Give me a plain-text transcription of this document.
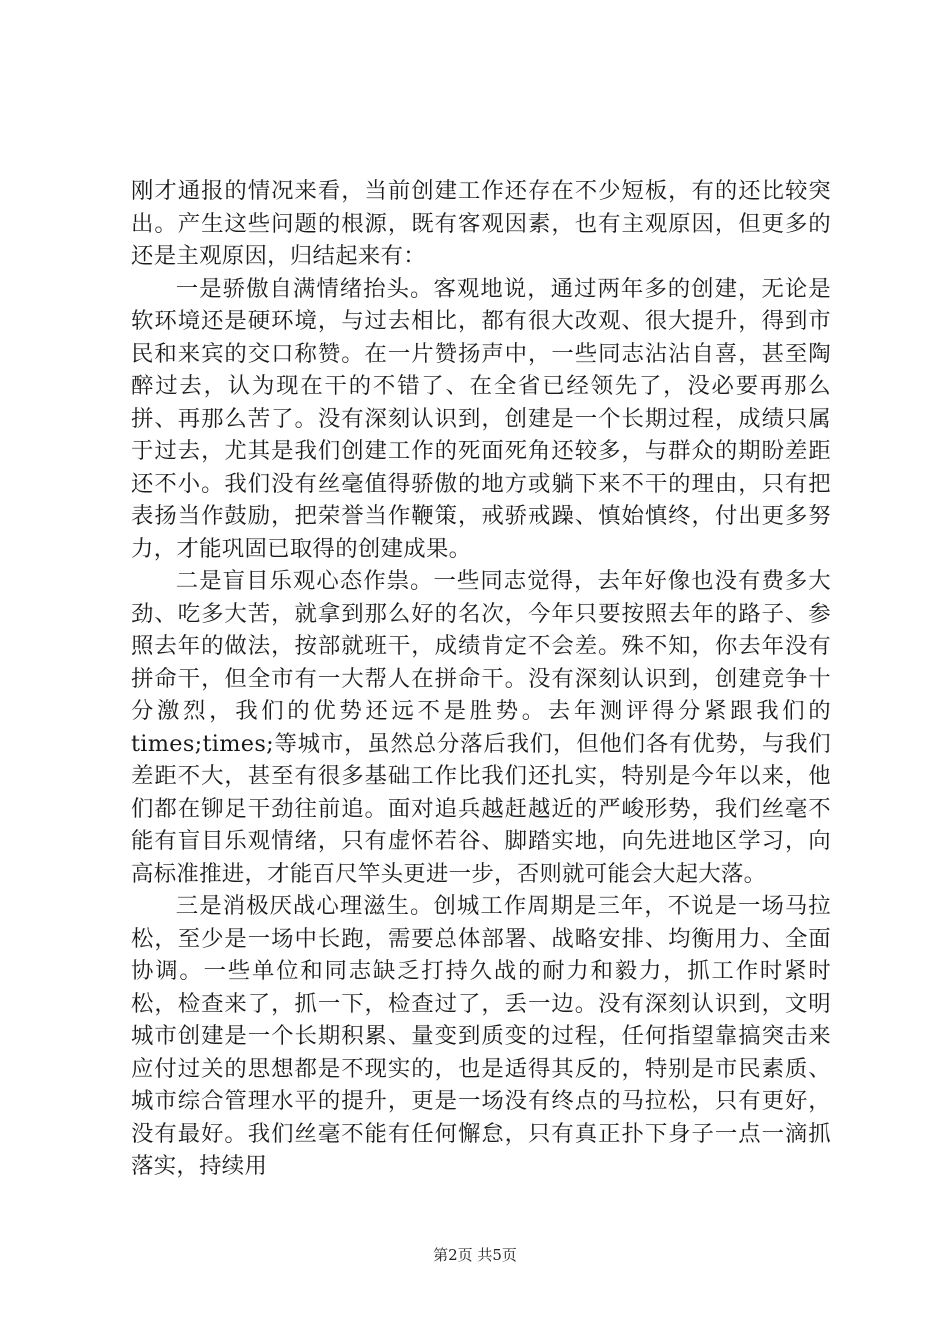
刚才通报的情况来看，当前创建工作还存在不少短板，有的还比较突出。产生这些问题的根源，既有客观因素，也有主观原因，但更多的还是主观原因，归结起来有：

一是骄傲自满情绪抬头。客观地说，通过两年多的创建，无论是软环境还是硬环境，与过去相比，都有很大改观、很大提升，得到市民和来宾的交口称赞。在一片赞扬声中，一些同志沾沾自喜，甚至陶醉过去，认为现在干的不错了、在全省已经领先了，没必要再那么拼、再那么苦了。没有深刻认识到，创建是一个长期过程，成绩只属于过去，尤其是我们创建工作的死面死角还较多，与群众的期盼差距还不小。我们没有丝毫值得骄傲的地方或躺下来不干的理由，只有把表扬当作鼓励，把荣誉当作鞭策，戒骄戒躁、慎始慎终，付出更多努力，才能巩固已取得的创建成果。

二是盲目乐观心态作祟。一些同志觉得，去年好像也没有费多大劲、吃多大苦，就拿到那么好的名次，今年只要按照去年的路子、参照去年的做法，按部就班干，成绩肯定不会差。殊不知，你去年没有拼命干，但全市有一大帮人在拼命干。没有深刻认识到，创建竞争十分激烈，我们的优势还远不是胜势。去年测评得分紧跟我们的times;times;等城市，虽然总分落后我们，但他们各有优势，与我们差距不大，甚至有很多基础工作比我们还扎实，特别是今年以来，他们都在铆足干劲往前追。面对追兵越赶越近的严峻形势，我们丝毫不能有盲目乐观情绪，只有虚怀若谷、脚踏实地，向先进地区学习，向高标准推进，才能百尺竿头更进一步，否则就可能会大起大落。

三是消极厌战心理滋生。创城工作周期是三年，不说是一场马拉松，至少是一场中长跑，需要总体部署、战略安排、均衡用力、全面协调。一些单位和同志缺乏打持久战的耐力和毅力，抓工作时紧时松，检查来了，抓一下，检查过了，丢一边。没有深刻认识到，文明城市创建是一个长期积累、量变到质变的过程，任何指望靠搞突击来应付过关的思想都是不现实的，也是适得其反的，特别是市民素质、城市综合管理水平的提升，更是一场没有终点的马拉松，只有更好，没有最好。我们丝毫不能有任何懈怠，只有真正扑下身子一点一滴抓落实，持续用

第2页 共5页
